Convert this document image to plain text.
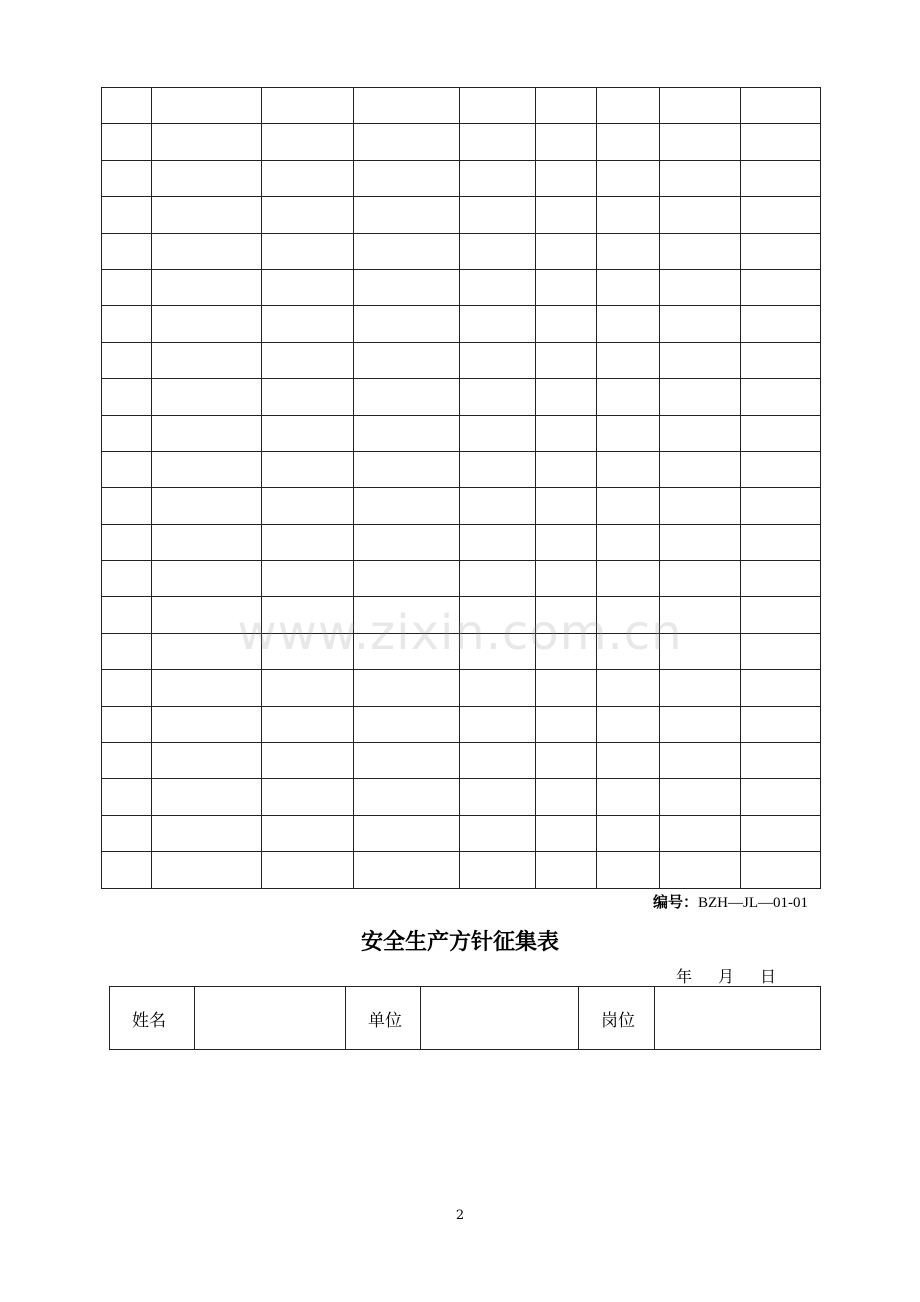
www.zixin.com.cn
编号：BZH—JL—01-01
安全生产方针征集表
年 月 日
姓名		单位		岗位	
2
